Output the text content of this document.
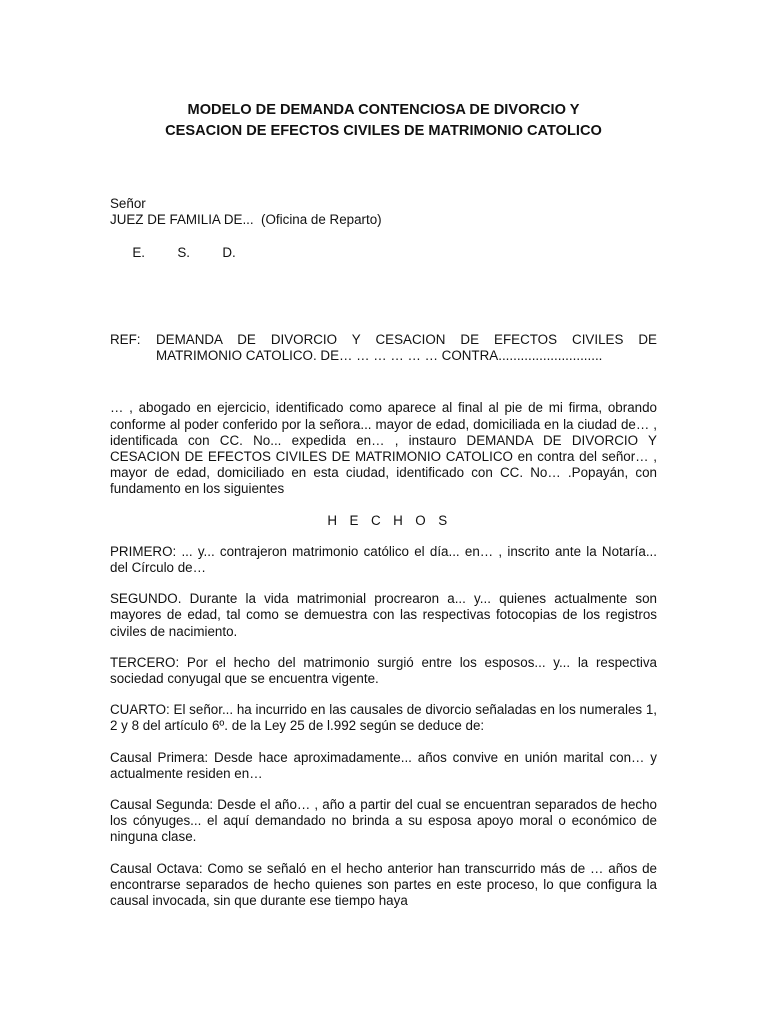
MODELO DE DEMANDA CONTENCIOSA DE DIVORCIO Y
CESACION DE EFECTOS CIVILES DE MATRIMONIO CATOLICO
Señor
JUEZ DE FAMILIA DE...  (Oficina de Reparto)

E. S. D.

REF:	DEMANDA DE DIVORCIO Y CESACION DE EFECTOS CIVILES DE
MATRIMONIO CATOLICO. DE… … … … … … CONTRA............................
… , abogado en ejercicio, identificado como aparece al final al pie de mi firma, obrando conforme al poder conferido por la señora... mayor de edad, domiciliada en la ciudad de… , identificada con CC. No... expedida en… , instauro DEMANDA DE DIVORCIO Y CESACION DE EFECTOS CIVILES DE MATRIMONIO CATOLICO en contra del señor… , mayor de edad, domiciliado en esta ciudad, identificado con CC. No… .Popayán, con fundamento en los siguientes
HECHOS
PRIMERO: ... y... contrajeron matrimonio católico el día... en… , inscrito ante la Notaría... del Círculo de…
SEGUNDO. Durante la vida matrimonial procrearon a... y... quienes actualmente son mayores de edad, tal como se demuestra con las respectivas fotocopias de los registros civiles de nacimiento.
TERCERO: Por el hecho del matrimonio surgió entre los esposos... y... la respectiva sociedad conyugal que se encuentra vigente.
CUARTO: El señor... ha incurrido en las causales de divorcio señaladas en los numerales 1, 2 y 8 del artículo 6º. de la Ley 25 de l.992 según se deduce de:
Causal Primera: Desde hace aproximadamente... años convive en unión marital con… y actualmente residen en…
Causal Segunda: Desde el año… , año a partir del cual se encuentran separados de hecho los cónyuges... el aquí demandado no brinda a su esposa apoyo moral o económico de ninguna clase.
Causal Octava: Como se señaló en el hecho anterior han transcurrido más de … años de encontrarse separados de hecho quienes son partes en este proceso, lo que configura la causal invocada, sin que durante ese tiempo haya
